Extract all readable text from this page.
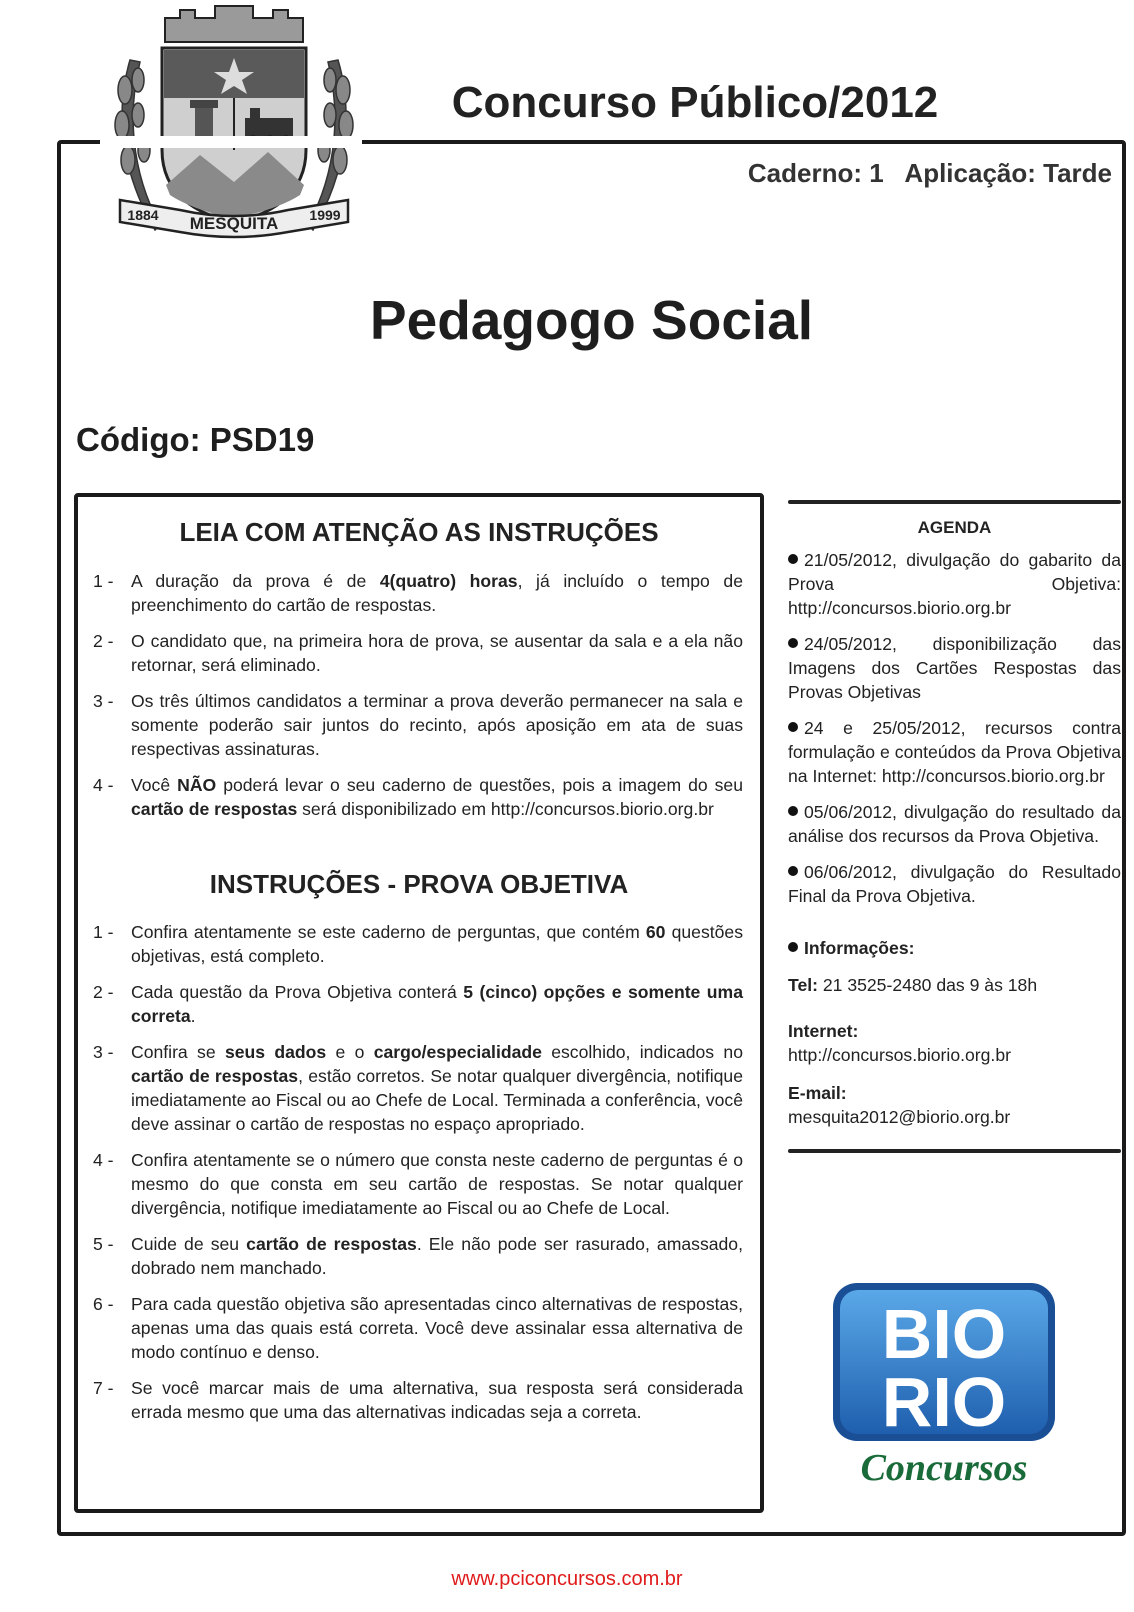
1884 MESQUITA 1999
Concurso Público/2012
Caderno: 1   Aplicação: Tarde
Pedagogo Social
Código: PSD19
LEIA COM ATENÇÃO AS INSTRUÇÕES
1 - A duração da prova é de 4(quatro) horas, já incluído o tempo de preenchimento do cartão de respostas.
2 - O candidato que, na primeira hora de prova, se ausentar da sala e a ela não retornar, será eliminado.
3 - Os três últimos candidatos a terminar a prova deverão permanecer na sala e somente poderão sair juntos do recinto, após aposição em ata de suas respectivas assinaturas.
4 - Você NÃO poderá levar o seu caderno de questões, pois a imagem do seu cartão de respostas será disponibilizado em http://concursos.biorio.org.br
INSTRUÇÕES - PROVA OBJETIVA
1 - Confira atentamente se este caderno de perguntas, que contém 60 questões objetivas, está completo.
2 - Cada questão da Prova Objetiva conterá 5 (cinco) opções e somente uma correta.
3 - Confira se seus dados e o cargo/especialidade escolhido, indicados no cartão de respostas, estão corretos. Se notar qualquer divergência, notifique imediatamente ao Fiscal ou ao Chefe de Local. Terminada a conferência, você deve assinar o cartão de respostas no espaço apropriado.
4 - Confira atentamente se o número que consta neste caderno de perguntas é o mesmo do que consta em seu cartão de respostas. Se notar qualquer divergência, notifique imediatamente ao Fiscal ou ao Chefe de Local.
5 - Cuide de seu cartão de respostas. Ele não pode ser rasurado, amassado, dobrado nem manchado.
6 - Para cada questão objetiva são apresentadas cinco alternativas de respostas, apenas uma das quais está correta. Você deve assinalar essa alternativa de modo contínuo e denso.
7 - Se você marcar mais de uma alternativa, sua resposta será considerada errada mesmo que uma das alternativas indicadas seja a correta.
AGENDA
21/05/2012, divulgação do gabarito da Prova Objetiva: http://concursos.biorio.org.br
24/05/2012, disponibilização das Imagens dos Cartões Respostas das Provas Objetivas
24 e 25/05/2012, recursos contra formulação e conteúdos da Prova Objetiva na Internet: http://concursos.biorio.org.br
05/06/2012, divulgação do resultado da análise dos recursos da Prova Objetiva.
06/06/2012, divulgação do Resultado Final da Prova Objetiva.
Informações:
Tel: 21 3525-2480 das 9 às 18h
Internet:
http://concursos.biorio.org.br
E-mail:
mesquita2012@biorio.org.br
BIO
RIO
Concursos
www.pciconcursos.com.br
